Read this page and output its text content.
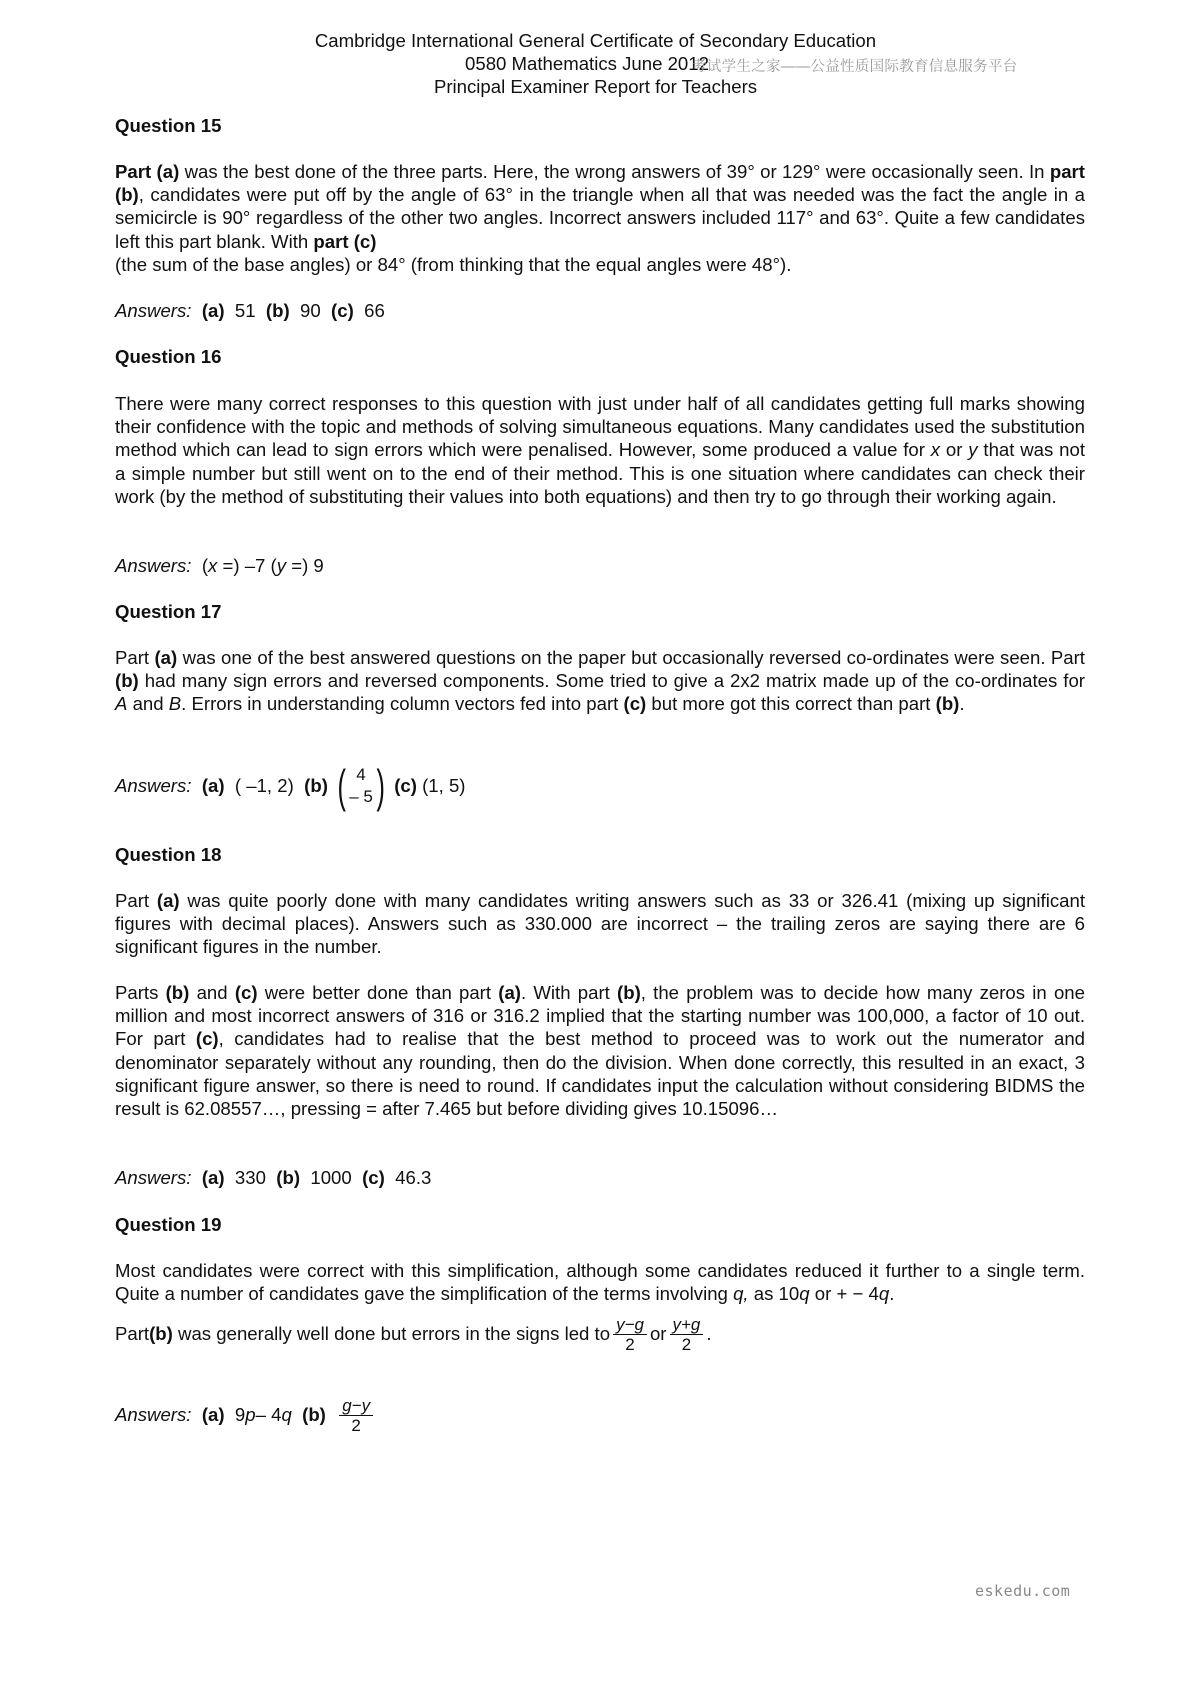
Cambridge International General Certificate of Secondary Education
0580 Mathematics June 2012
Principal Examiner Report for Teachers
考试学生之家——公益性质国际教育信息服务平台
Question 15
Part (a) was the best done of the three parts. Here, the wrong answers of 39° or 129° were occasionally seen. In part (b), candidates were put off by the angle of 63° in the triangle when all that was needed was the fact the angle in a semicircle is 90° regardless of the other two angles. Incorrect answers included 117° and 63°. Quite a few candidates left this part blank. With part (c)
(the sum of the base angles) or 84° (from thinking that the equal angles were 48°).
Answers: (a) 51 (b) 90 (c) 66
Question 16
There were many correct responses to this question with just under half of all candidates getting full marks showing their confidence with the topic and methods of solving simultaneous equations. Many candidates used the substitution method which can lead to sign errors which were penalised. However, some produced a value for x or y that was not a simple number but still went on to the end of their method. This is one situation where candidates can check their work (by the method of substituting their values into both equations) and then try to go through their working again.
Answers: (x =) –7 (y =) 9
Question 17
Part (a) was one of the best answered questions on the paper but occasionally reversed co-ordinates were seen. Part (b) had many sign errors and reversed components. Some tried to give a 2x2 matrix made up of the co-ordinates for A and B. Errors in understanding column vectors fed into part (c) but more got this correct than part (b).
Answers:
(a)
( –1, 2)
(b) ( 4
– 5 ) (c)
(1, 5)
Question 18
Part (a) was quite poorly done with many candidates writing answers such as 33 or 326.41 (mixing up significant figures with decimal places). Answers such as 330.000 are incorrect – the trailing zeros are saying there are 6 significant figures in the number.
Parts (b) and (c) were better done than part (a). With part (b), the problem was to decide how many zeros in one million and most incorrect answers of 316 or 316.2 implied that the starting number was 100,000, a factor of 10 out. For part (c), candidates had to realise that the best method to proceed was to work out the numerator and denominator separately without any rounding, then do the division. When done correctly, this resulted in an exact, 3 significant figure answer, so there is need to round. If candidates input the calculation without considering BIDMS the result is 62.08557…, pressing = after 7.465 but before dividing gives 10.15096…
Answers: (a) 330 (b) 1000 (c) 46.3
Question 19
Most candidates were correct with this simplification, although some candidates reduced it further to a single term. Quite a number of candidates gave the simplification of the terms involving q, as 10q or + − 4q.
Part (b)
was generally well done but errors in the signs led to $\frac{y-g}{2}$ or $\frac{y+g}{2}$ .
Answers:
(a)
9 p – 4 q
(b)
$\frac{g-y}{2}$
eskedu.com
